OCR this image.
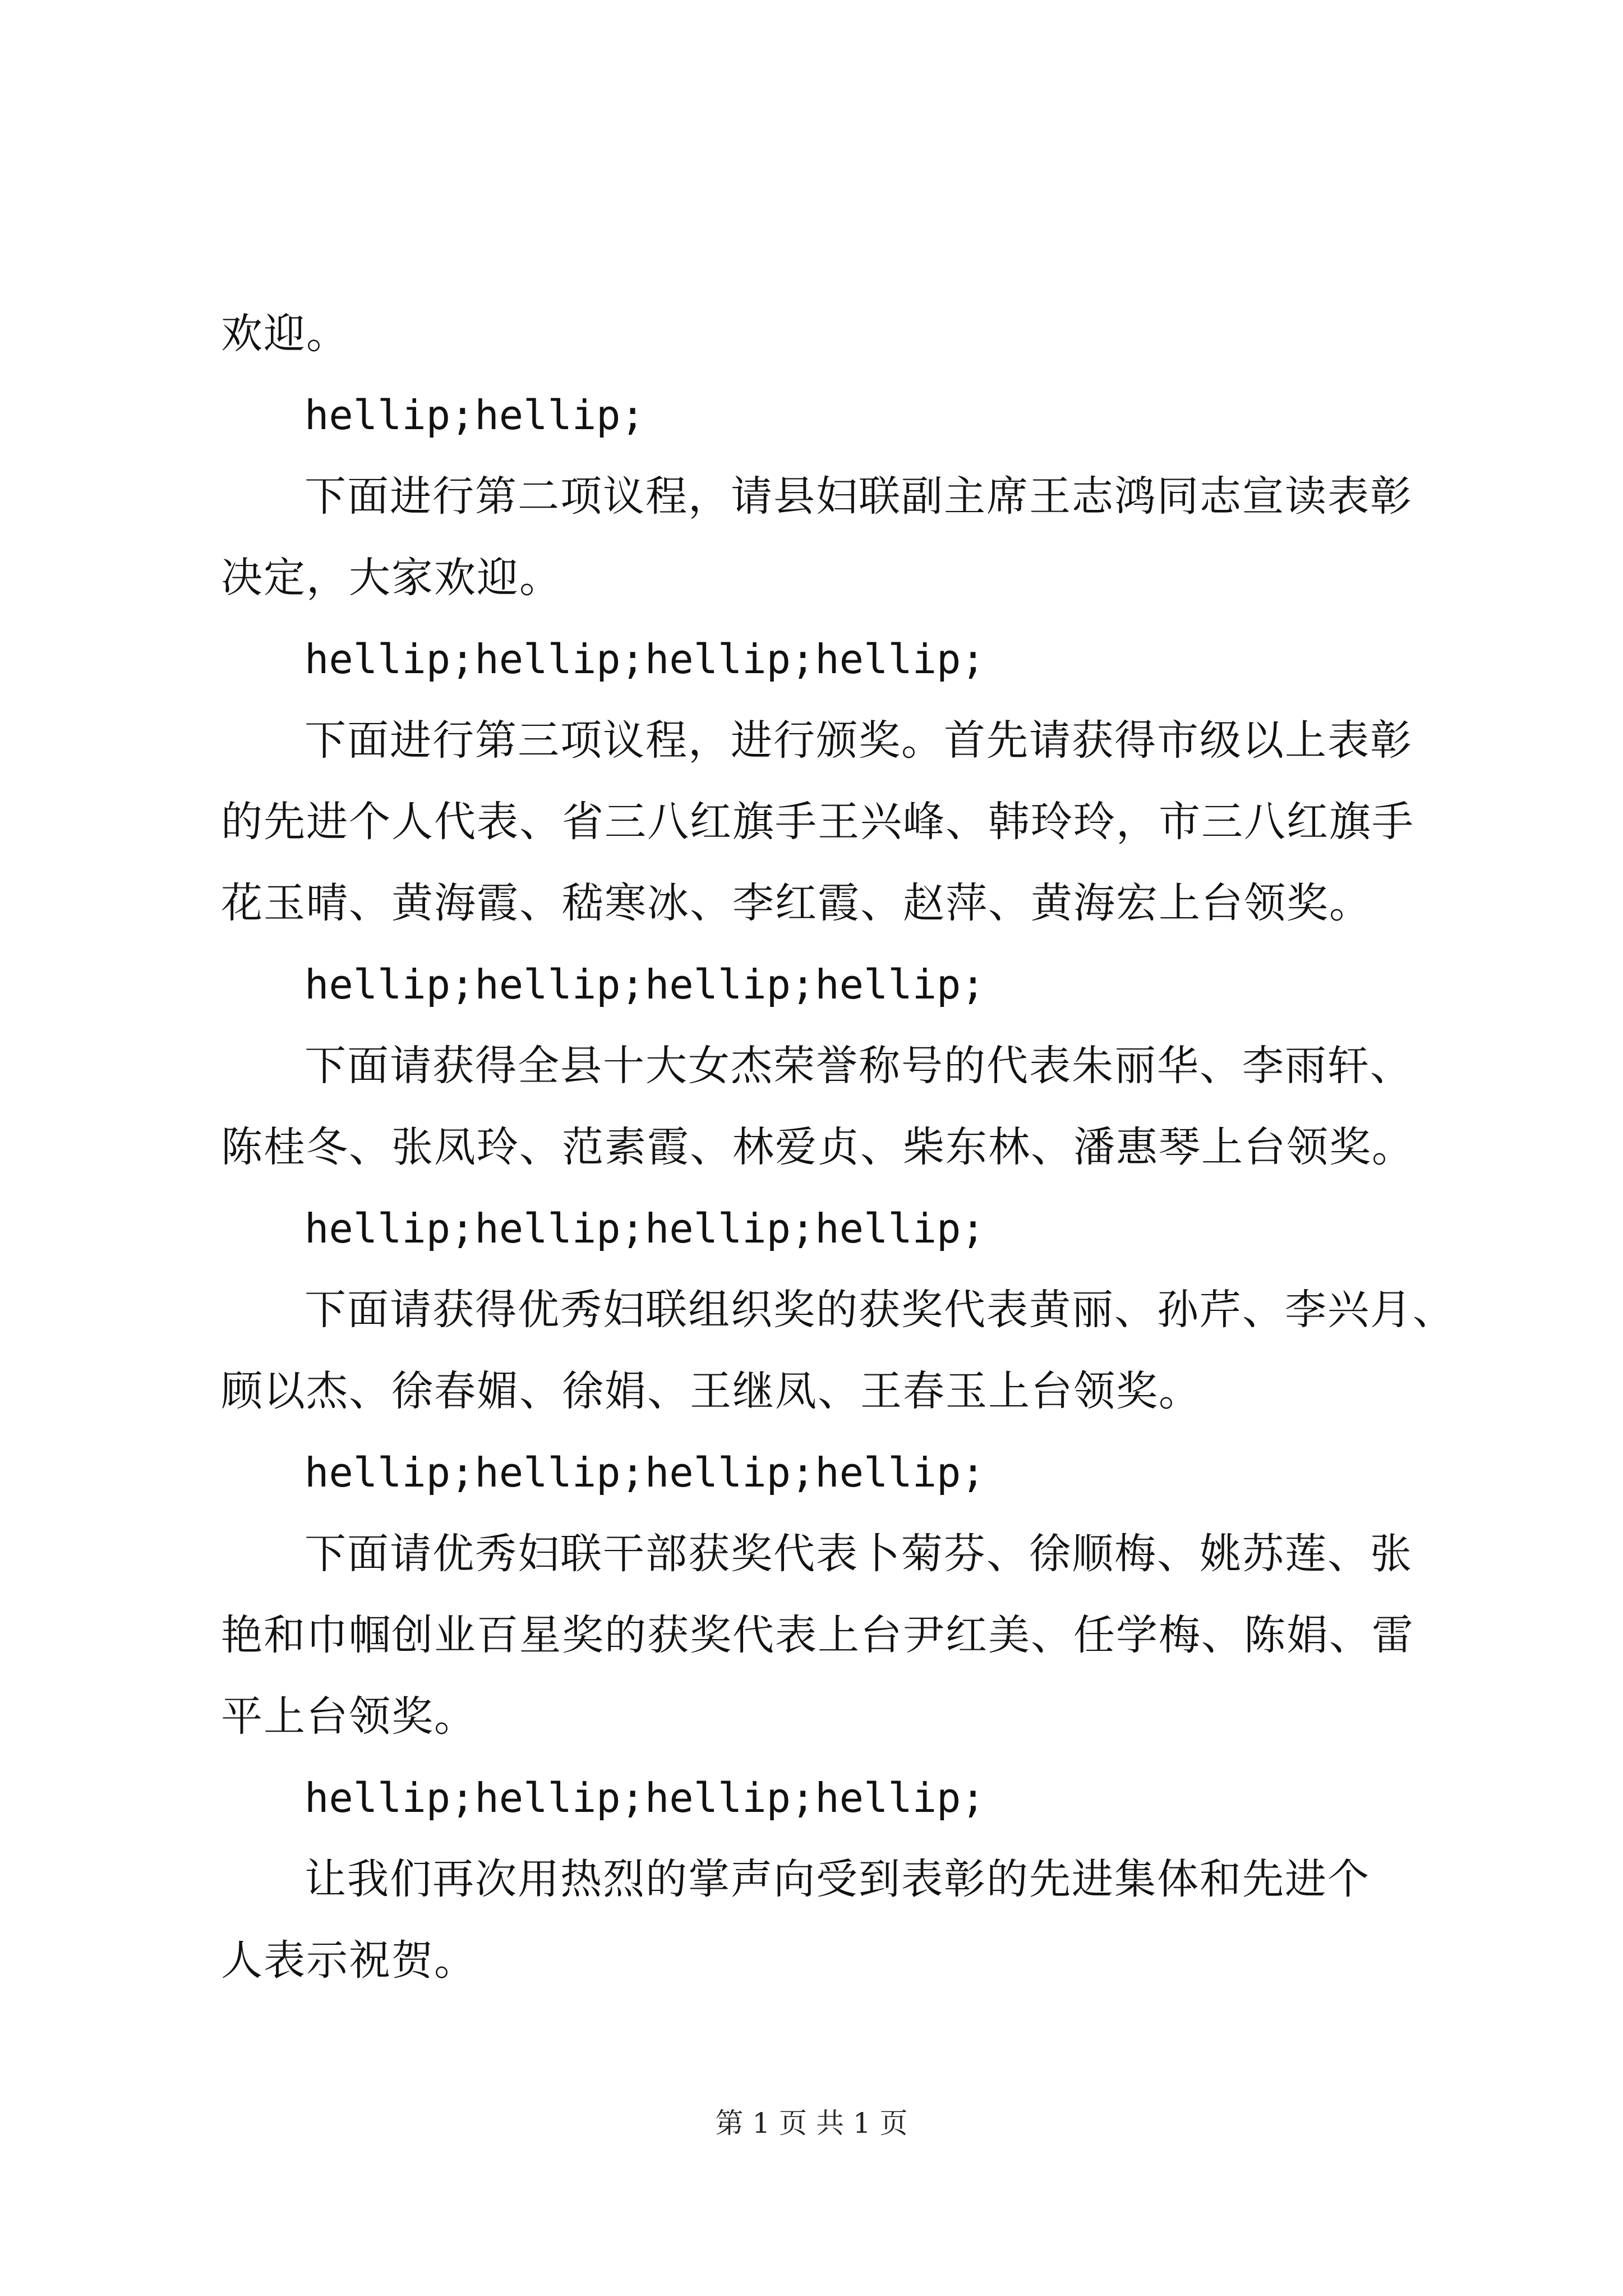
欢迎。
hellip;hellip;
下面进行第二项议程，请县妇联副主席王志鸿同志宣读表彰
决定，大家欢迎。
hellip;hellip;hellip;hellip;
下面进行第三项议程，进行颁奖。首先请获得市级以上表彰
的先进个人代表、省三八红旗手王兴峰、韩玲玲，市三八红旗手
花玉晴、黄海霞、嵇寒冰、李红霞、赵萍、黄海宏上台领奖。
hellip;hellip;hellip;hellip;
下面请获得全县十大女杰荣誉称号的代表朱丽华、李雨轩、
陈桂冬、张凤玲、范素霞、林爱贞、柴东林、潘惠琴上台领奖。
hellip;hellip;hellip;hellip;
下面请获得优秀妇联组织奖的获奖代表黄丽、孙芹、李兴月、
顾以杰、徐春媚、徐娟、王继凤、王春玉上台领奖。
hellip;hellip;hellip;hellip;
下面请优秀妇联干部获奖代表卜菊芬、徐顺梅、姚苏莲、张
艳和巾帼创业百星奖的获奖代表上台尹红美、任学梅、陈娟、雷
平上台领奖。
hellip;hellip;hellip;hellip;
让我们再次用热烈的掌声向受到表彰的先进集体和先进个
人表示祝贺。
第 1 页 共 1 页
